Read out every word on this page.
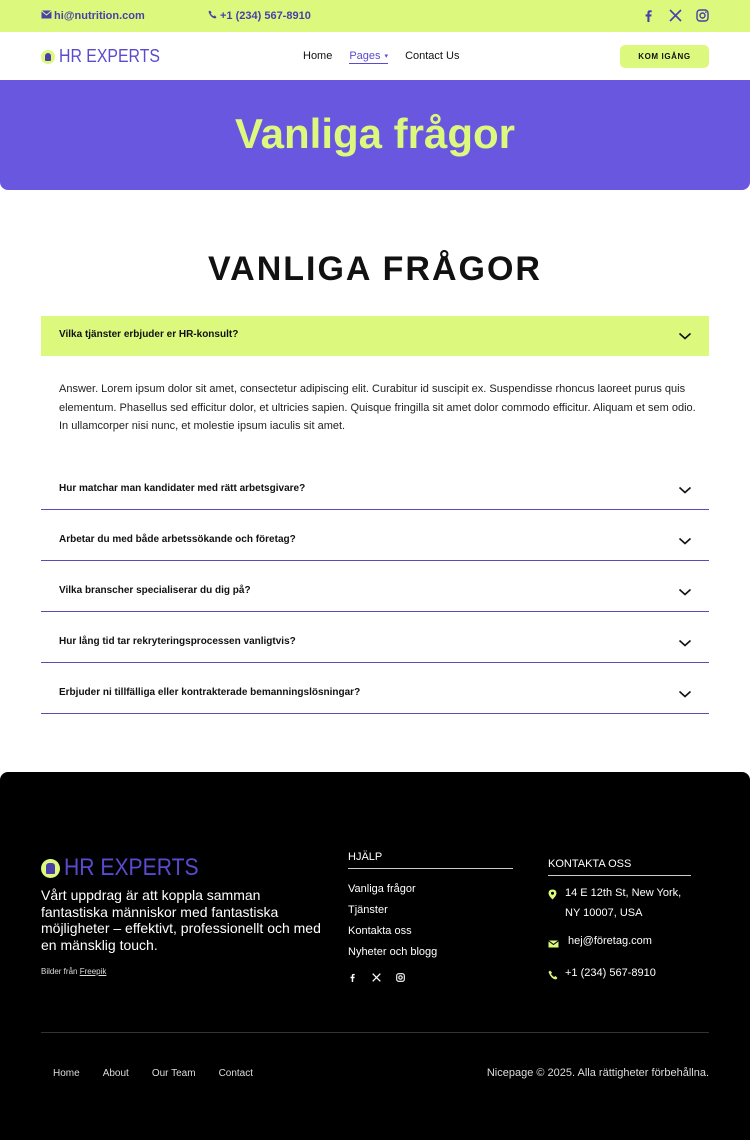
hi@nutrition.com	+1 (234) 567-8910
HR EXPERTS	Home Pages ▾ Contact Us	KOM IGÅNG
Vanliga frågor
VANLIGA FRÅGOR
Vilka tjänster erbjuder er HR-konsult?

Answer. Lorem ipsum dolor sit amet, consectetur adipiscing elit. Curabitur id suscipit ex. Suspendisse rhoncus laoreet purus quis elementum. Phasellus sed efficitur dolor, et ultricies sapien. Quisque fringilla sit amet dolor commodo efficitur. Aliquam et sem odio. In ullamcorper nisi nunc, et molestie ipsum iaculis sit amet.

Hur matchar man kandidater med rätt arbetsgivare?
Arbetar du med både arbetssökande och företag?
Vilka branscher specialiserar du dig på?
Hur lång tid tar rekryteringsprocessen vanligtvis?
Erbjuder ni tillfälliga eller kontrakterade bemanningslösningar?
HR EXPERTS

Vårt uppdrag är att koppla samman fantastiska människor med fantastiska möjligheter – effektivt, professionellt och med en mänsklig touch.

Bilder från Freepik
HJÄLP
Vanliga frågor
Tjänster
Kontakta oss
Nyheter och blogg
KONTAKTA OSS
14 E 12th St, New York, NY 10007, USA
hej@företag.com
+1 (234) 567-8910
Home About Our Team Contact	Nicepage © 2025. Alla rättigheter förbehållna.
